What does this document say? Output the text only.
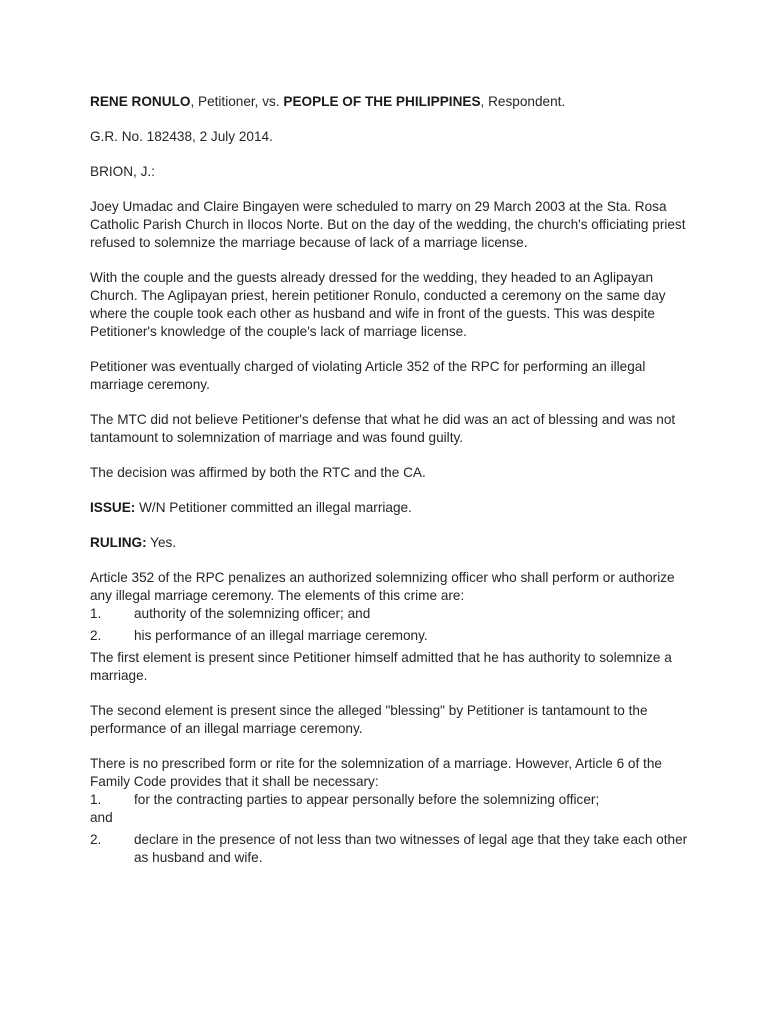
RENE RONULO, Petitioner, vs. PEOPLE OF THE PHILIPPINES, Respondent.

G.R. No. 182438, 2 July 2014.

BRION, J.:

Joey Umadac and Claire Bingayen were scheduled to marry on 29 March 2003 at the Sta. Rosa Catholic Parish Church in Ilocos Norte. But on the day of the wedding, the church's officiating priest refused to solemnize the marriage because of lack of a marriage license.

With the couple and the guests already dressed for the wedding, they headed to an Aglipayan Church. The Aglipayan priest, herein petitioner Ronulo, conducted a ceremony on the same day where the couple took each other as husband and wife in front of the guests. This was despite Petitioner's knowledge of the couple's lack of marriage license.

Petitioner was eventually charged of violating Article 352 of the RPC for performing an illegal marriage ceremony.

The MTC did not believe Petitioner's defense that what he did was an act of blessing and was not tantamount to solemnization of marriage and was found guilty.

The decision was affirmed by both the RTC and the CA.

ISSUE: W/N Petitioner committed an illegal marriage.

RULING: Yes.

Article 352 of the RPC penalizes an authorized solemnizing officer who shall perform or authorize any illegal marriage ceremony. The elements of this crime are:

1.	authority of the solemnizing officer; and
2.	his performance of an illegal marriage ceremony.

The first element is present since Petitioner himself admitted that he has authority to solemnize a marriage.

The second element is present since the alleged "blessing" by Petitioner is tantamount to the performance of an illegal marriage ceremony.

There is no prescribed form or rite for the solemnization of a marriage. However, Article 6 of the Family Code provides that it shall be necessary:

1.	for the contracting parties to appear personally before the solemnizing officer;

and

2.	declare in the presence of not less than two witnesses of legal age that they take each other as husband and wife.
